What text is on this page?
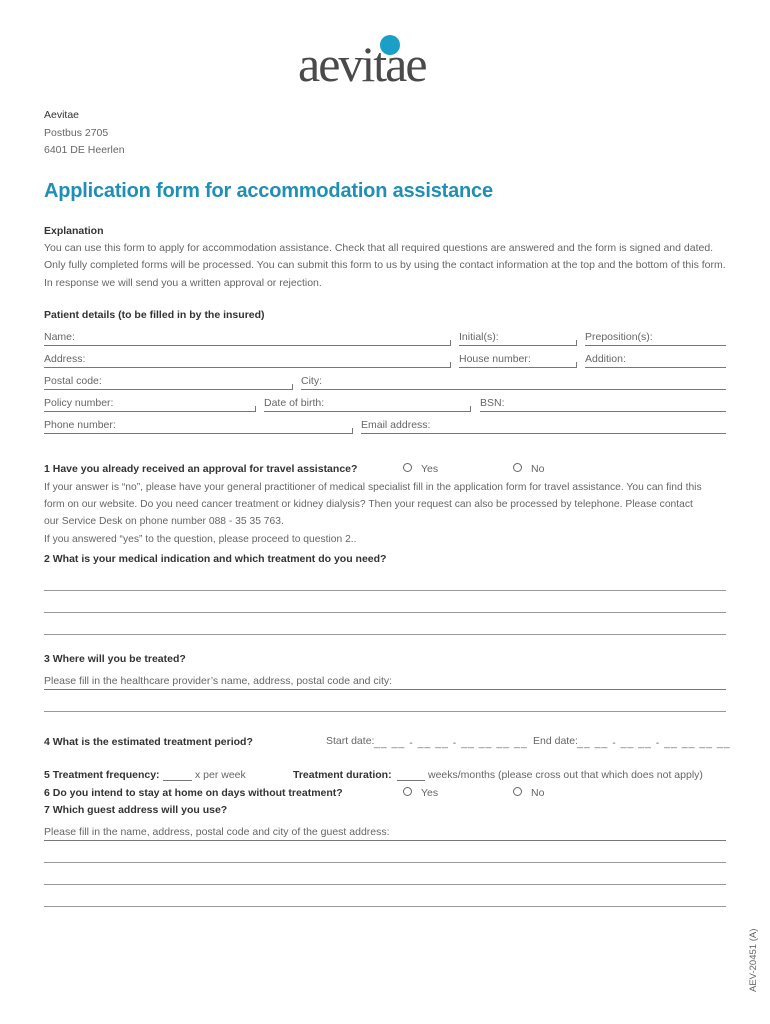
aevitae
Aevitae
Postbus 2705
6401 DE Heerlen
Application form for accommodation assistance
Explanation
You can use this form to apply for accommodation assistance. Check that all required questions are answered and the form is signed and dated.
Only fully completed forms will be processed. You can submit this form to us by using the contact information at the top and the bottom of this form.
In response we will send you a written approval or rejection.
Patient details (to be filled in by the insured)
Name:	Initial(s):	Preposition(s):
Address:	House number:	Addition:
Postal code:	City:
Policy number:	Date of birth:	BSN:
Phone number:	Email address:
1 Have you already received an approval for travel assistance?	Yes	No
If your answer is “no”, please have your general practitioner of medical specialist fill in the application form for travel assistance. You can find this
form on our website. Do you need cancer treatment or kidney dialysis? Then your request can also be processed by telephone. Please contact
our Service Desk on phone number 088 - 35 35 763.
If you answered “yes” to the question, please proceed to question 2..
2 What is your medical indication and which treatment do you need?
3 Where will you be treated?
Please fill in the healthcare provider’s name, address, postal code and city:
4 What is the estimated treatment period?	Start date: __ __ - __ __ - __ __ __ __ End date: __ __ - __ __ - __ __ __ __
5 Treatment frequency:	x per week	Treatment duration:	weeks/months (please cross out that which does not apply)
6 Do you intend to stay at home on days without treatment?	Yes	No
7 Which guest address will you use?
Please fill in the name, address, postal code and city of the guest address:
AEV-20451 (A)
